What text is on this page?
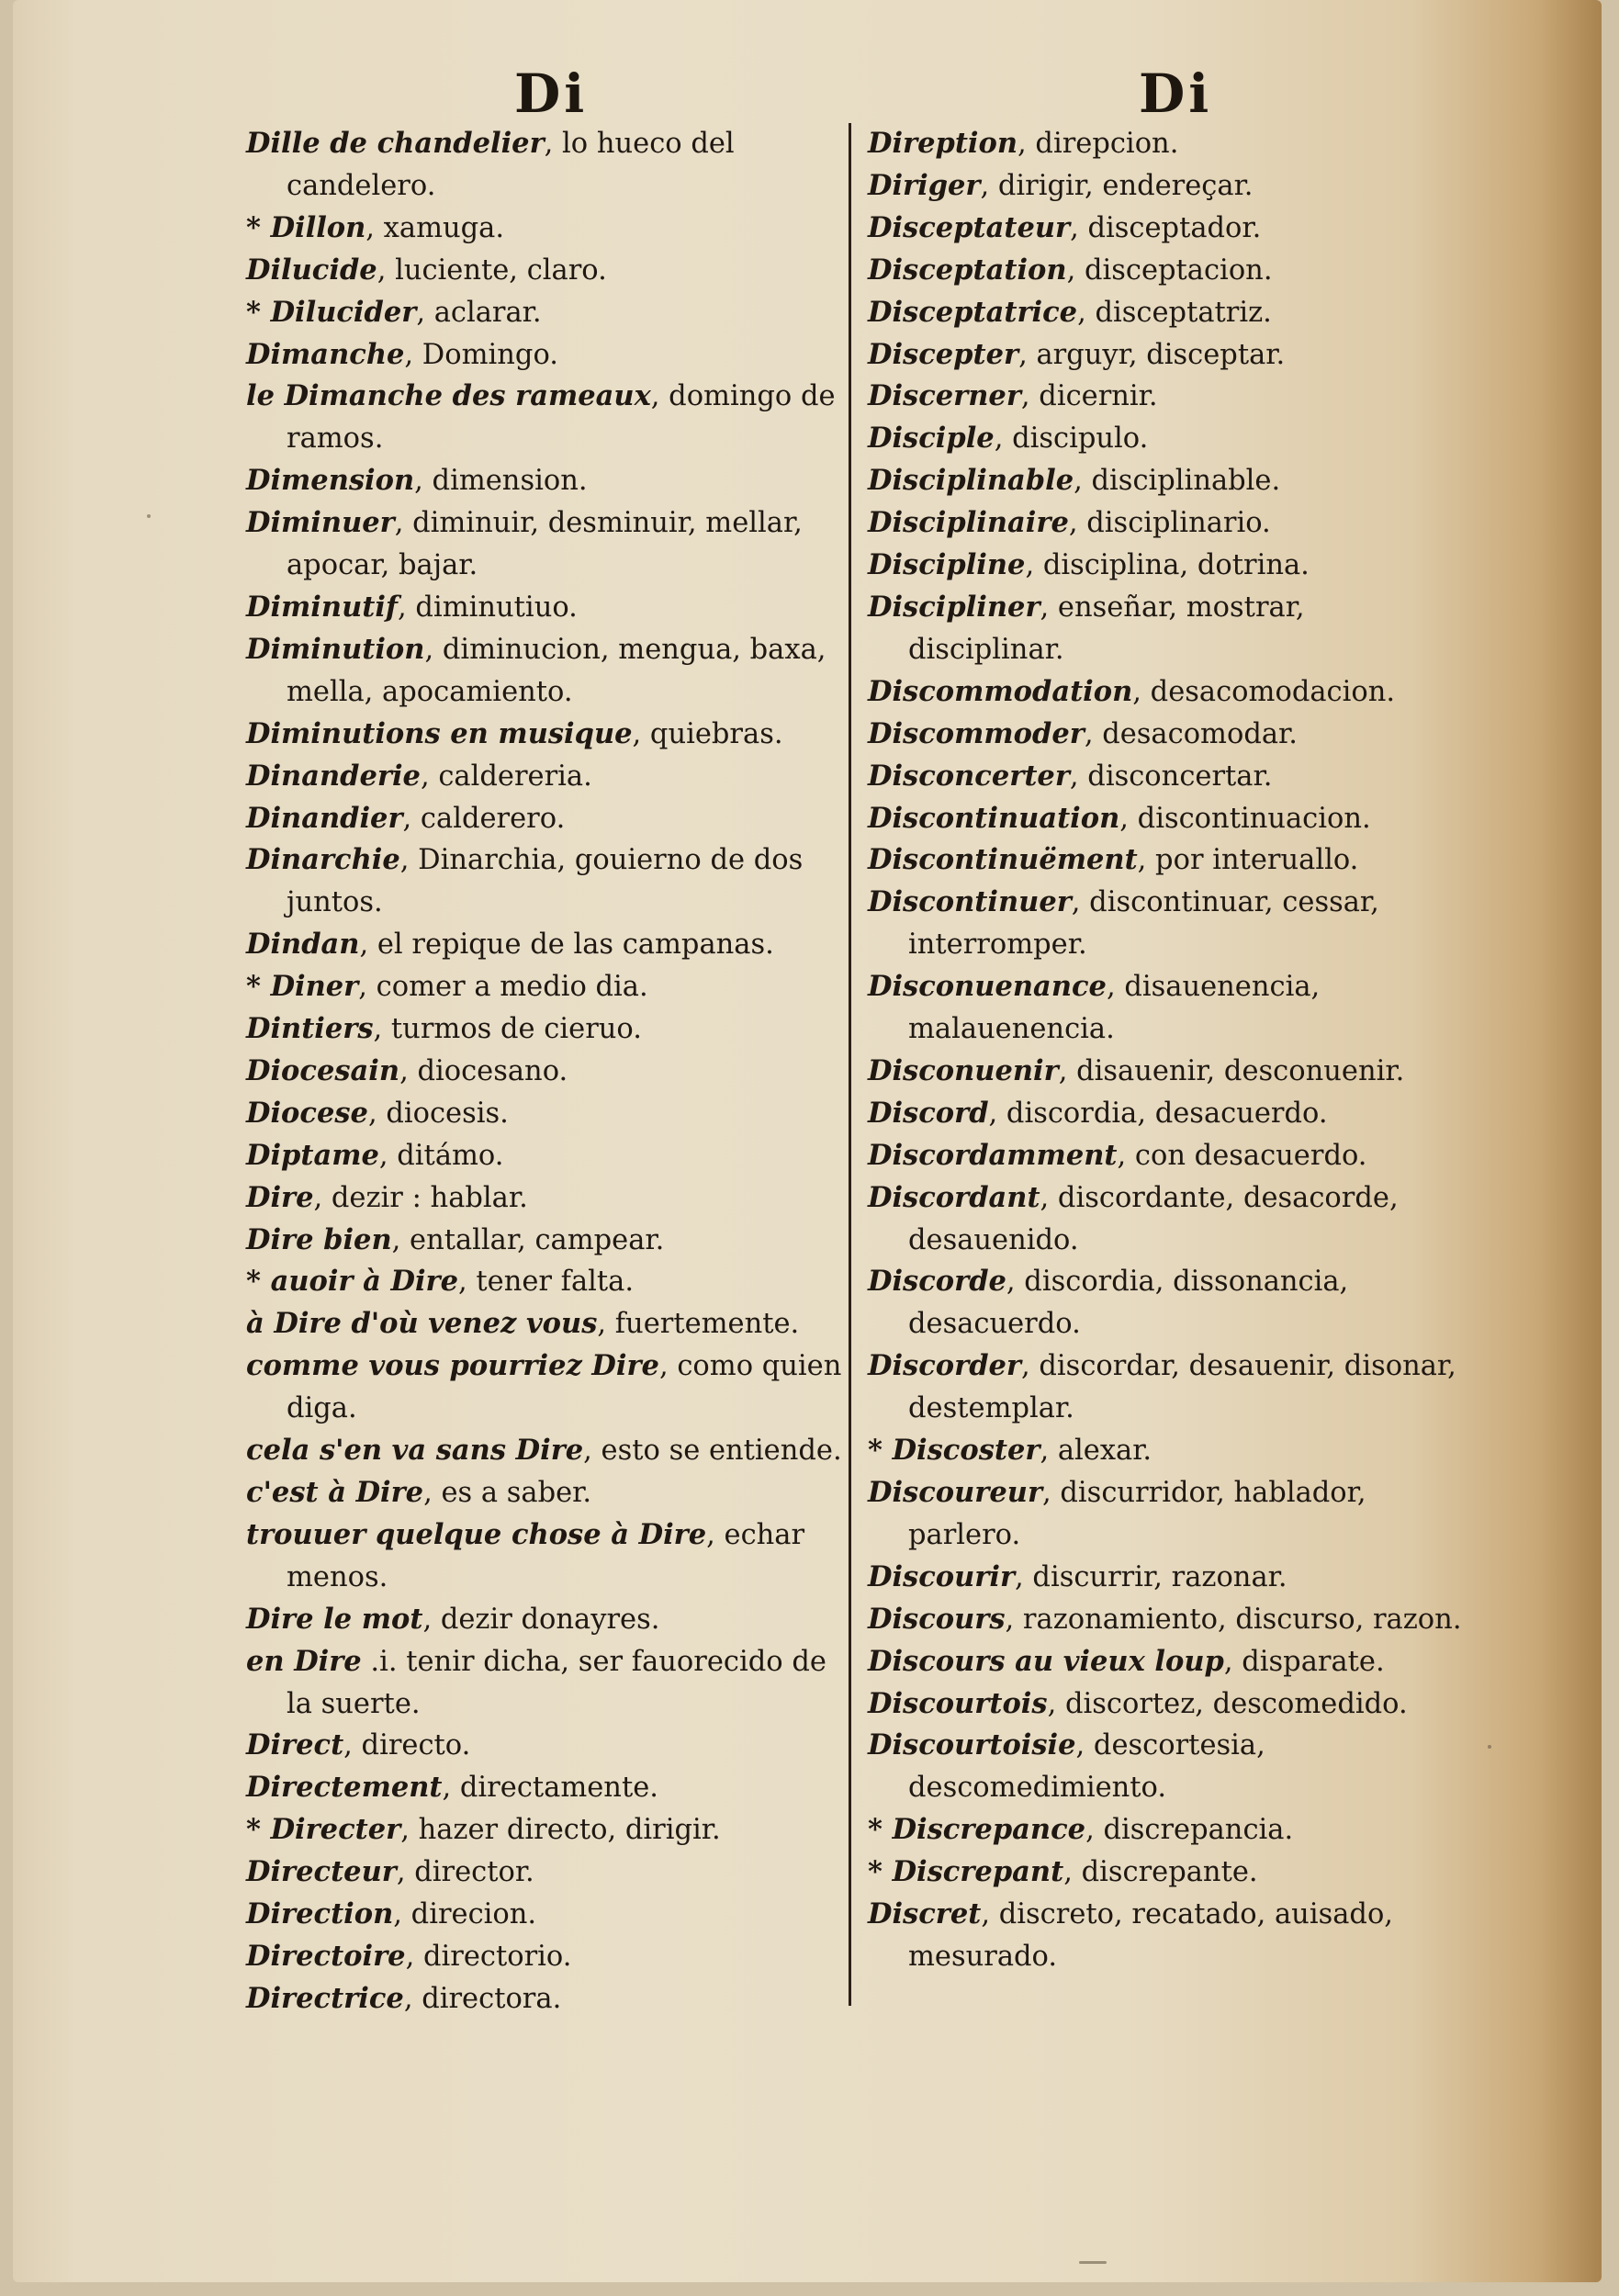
Di	Di
Dille de chandelier, lo hueco del candelero.
* Dillon, xamuga.
Dilucide, luciente, claro.
* Dilucider, aclarar.
Dimanche, Domingo.
le Dimanche des rameaux, domingo de ramos.
Dimension, dimension.
Diminuer, diminuir, desminuir, mellar, apocar, bajar.
Diminutif, diminutiuo.
Diminution, diminucion, mengua, baxa, mella, apocamiento.
Diminutions en musique, quiebras.
Dinanderie, caldereria.
Dinandier, calderero.
Dinarchie, Dinarchia, gouierno de dos juntos.
Dindan, el repique de las campanas.
* Diner, comer a medio dia.
Dintiers, turmos de cieruo.
Diocesain, diocesano.
Diocese, diocesis.
Diptame, ditámo.
Dire, dezir : hablar.
Dire bien, entallar, campear.
* auoir à Dire, tener falta.
à Dire d'où venez vous, fuertemente.
comme vous pourriez Dire, como quien diga.
cela s'en va sans Dire, esto se entiende.
c'est à Dire, es a saber.
trouuer quelque chose à Dire, echar menos.
Dire le mot, dezir donayres.
en Dire .i. tenir dicha, ser fauorecido de la suerte.
Direct, directo.
Directement, directamente.
* Directer, hazer directo, dirigir.
Directeur, director.
Direction, direcion.
Directoire, directorio.
Directrice, directora.
Direption, direpcion.
Diriger, dirigir, endereçar.
Disceptateur, disceptador.
Disceptation, disceptacion.
Disceptatrice, disceptatriz.
Discepter, arguyr, disceptar.
Discerner, dicernir.
Disciple, discipulo.
Disciplinable, disciplinable.
Disciplinaire, disciplinario.
Discipline, disciplina, dotrina.
Discipliner, enseñar, mostrar, disciplinar.
Discommodation, desacomodacion.
Discommoder, desacomodar.
Disconcerter, disconcertar.
Discontinuation, discontinuacion.
Discontinuëment, por interuallo.
Discontinuer, discontinuar, cessar, interromper.
Disconuenance, disauenencia, malauenencia.
Disconuenir, disauenir, desconuenir.
Discord, discordia, desacuerdo.
Discordamment, con desacuerdo.
Discordant, discordante, desacorde, desauenido.
Discorde, discordia, dissonancia, desacuerdo.
Discorder, discordar, desauenir, disonar, destemplar.
* Discoster, alexar.
Discoureur, discurridor, hablador, parlero.
Discourir, discurrir, razonar.
Discours, razonamiento, discurso, razon.
Discours au vieux loup, disparate.
Discourtois, discortez, descomedido.
Discourtoisie, descortesia, descomedimiento.
* Discrepance, discrepancia.
* Discrepant, discrepante.
Discret, discreto, recatado, auisado, mesurado.
